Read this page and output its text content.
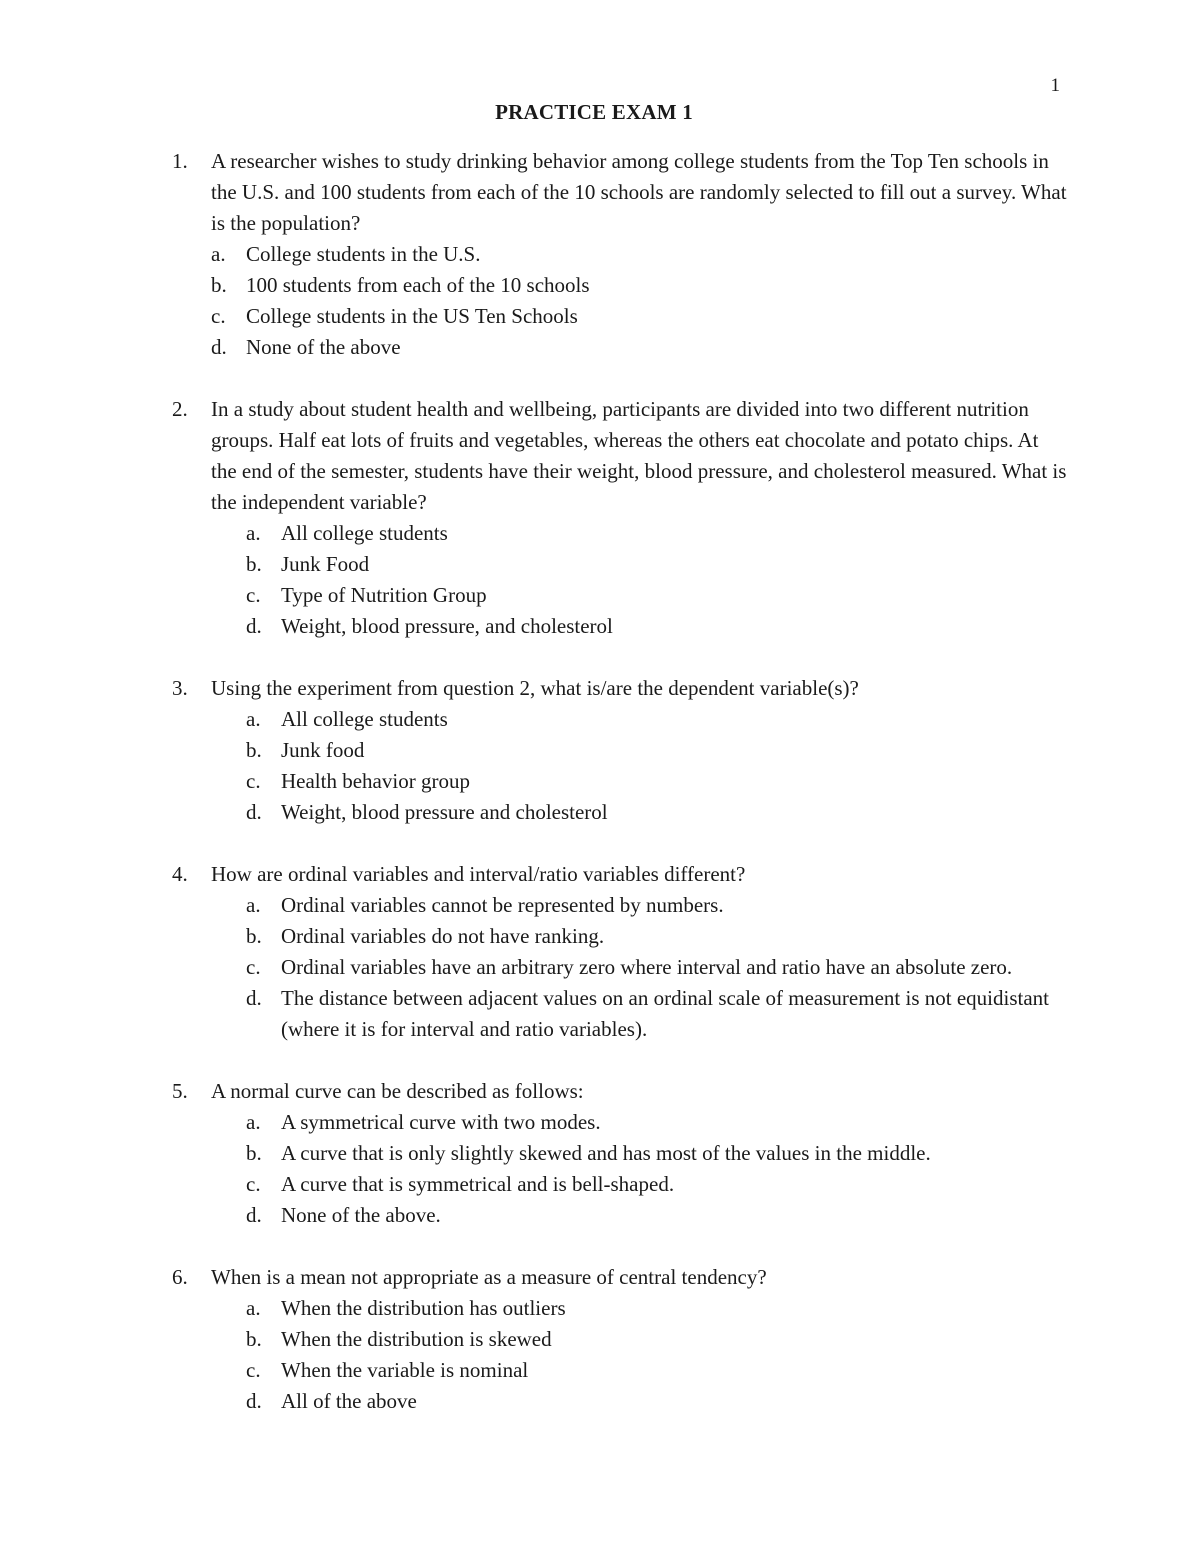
1
PRACTICE EXAM 1
1.	A researcher wishes to study drinking behavior among college students from the Top Ten schools in the U.S. and 100 students from each of the 10 schools are randomly selected to fill out a survey. What is the population?
a. College students in the U.S.
b. 100 students from each of the 10 schools
c. College students in the US Ten Schools
d. None of the above
2.	In a study about student health and wellbeing, participants are divided into two different nutrition groups. Half eat lots of fruits and vegetables, whereas the others eat chocolate and potato chips. At the end of the semester, students have their weight, blood pressure, and cholesterol measured. What is the independent variable?
a. All college students
b. Junk Food
c. Type of Nutrition Group
d. Weight, blood pressure, and cholesterol
3.	Using the experiment from question 2, what is/are the dependent variable(s)?
a. All college students
b. Junk food
c. Health behavior group
d. Weight, blood pressure and cholesterol
4.	How are ordinal variables and interval/ratio variables different?
a. Ordinal variables cannot be represented by numbers.
b. Ordinal variables do not have ranking.
c. Ordinal variables have an arbitrary zero where interval and ratio have an absolute zero.
d. The distance between adjacent values on an ordinal scale of measurement is not equidistant (where it is for interval and ratio variables).
5.	A normal curve can be described as follows:
a. A symmetrical curve with two modes.
b. A curve that is only slightly skewed and has most of the values in the middle.
c. A curve that is symmetrical and is bell-shaped.
d. None of the above.
6.	When is a mean not appropriate as a measure of central tendency?
a. When the distribution has outliers
b. When the distribution is skewed
c. When the variable is nominal
d. All of the above
